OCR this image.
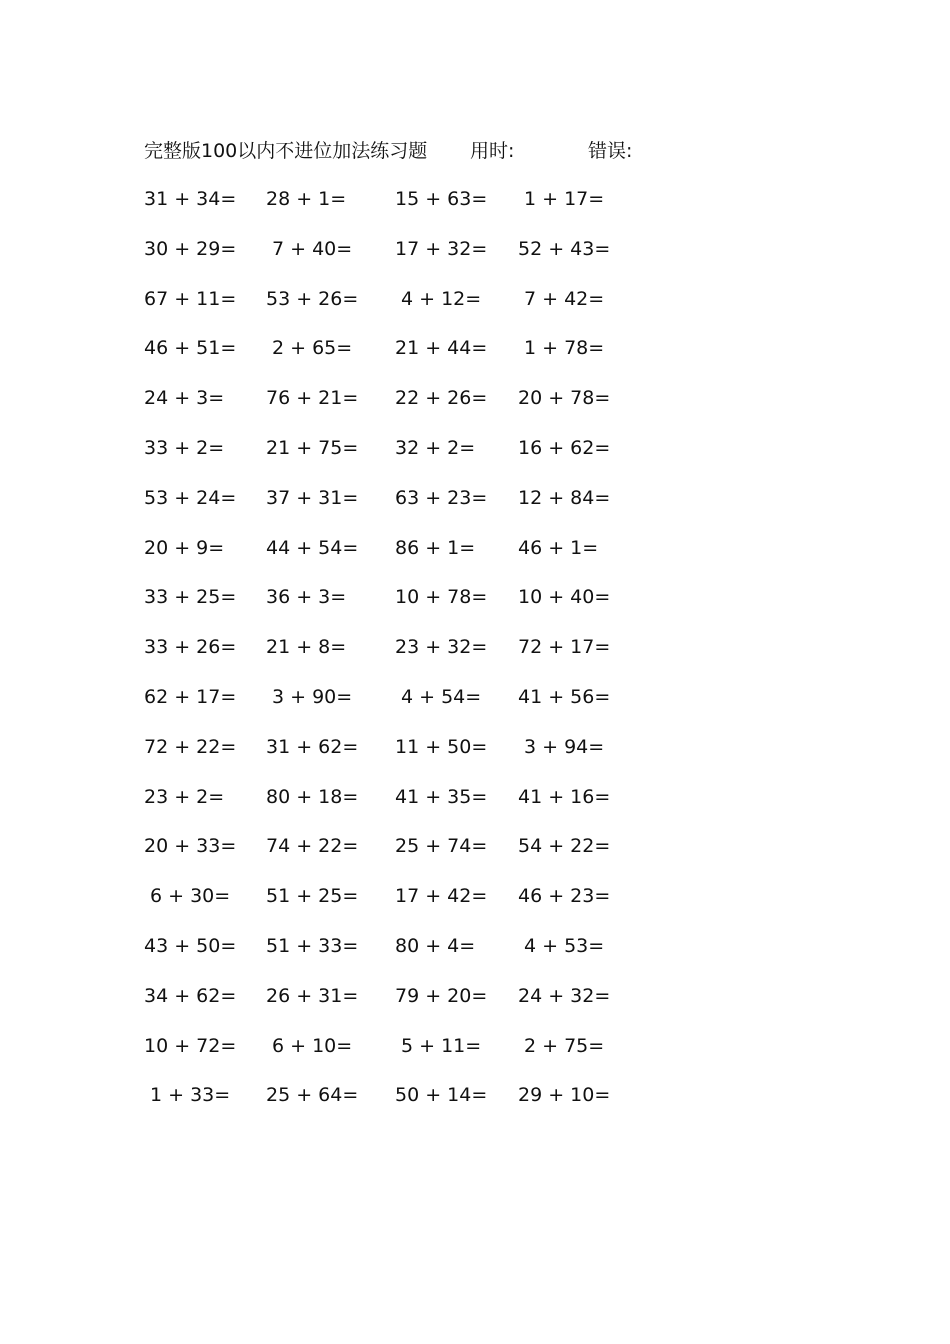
完整版100以内不进位加法练习题 用时:	错误:
31 + 34= 28 + 1=	15 + 63= 1 + 17=
30 + 29= 7 + 40= 17 + 32= 52 + 43=
67 + 11= 53 + 26= 4 + 12= 7 + 42=
46 + 51= 2 + 65= 21 + 44= 1 + 78=
24 + 3= 76 + 21= 22 + 26= 20 + 78=
33 + 2= 21 + 75= 32 + 2= 16 + 62=
53 + 24= 37 + 31= 63 + 23= 12 + 84=
20 + 9= 44 + 54= 86 + 1= 46 + 1=
33 + 25= 36 + 3=	10 + 78= 10 + 40=
33 + 26= 21 + 8=	23 + 32= 72 + 17=
62 + 17= 3 + 90=	4 + 54= 41 + 56=
72 + 22= 31 + 62= 11 + 50= 3 + 94=
23 + 2= 80 + 18= 41 + 35= 41 + 16=
20 + 33= 74 + 22= 25 + 74= 54 + 22=
6 + 30= 51 + 25= 17 + 42= 46 + 23=
43 + 50= 51 + 33= 80 + 4=	4 + 53=
34 + 62= 26 + 31= 79 + 20= 24 + 32=
10 + 72= 6 + 10=	5 + 11= 2 + 75=
1 + 33= 25 + 64= 50 + 14= 29 + 10=
